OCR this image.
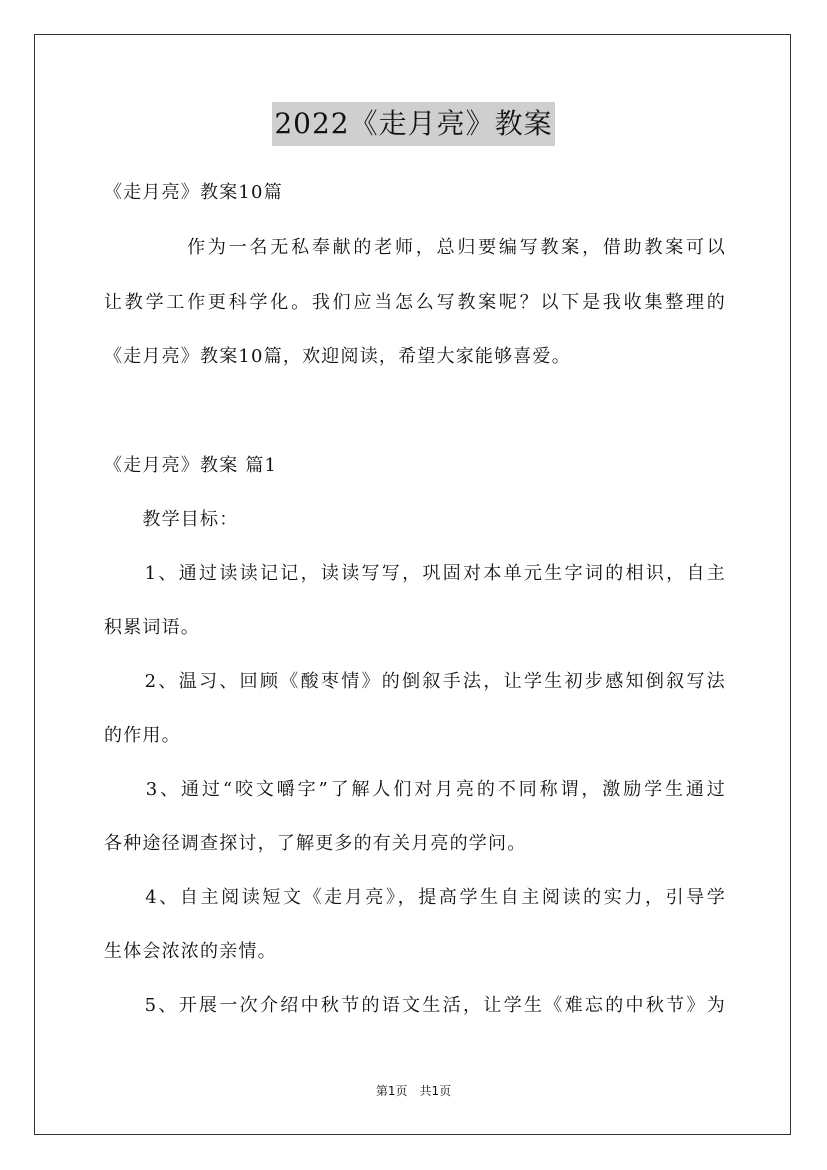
2022《走月亮》教案
《走月亮》教案10篇
　　　　作为一名无私奉献的老师，总归要编写教案，借助教案可以
让教学工作更科学化。我们应当怎么写教案呢？以下是我收集整理的
《走月亮》教案10篇，欢迎阅读，希望大家能够喜爱。
《走月亮》教案 篇1
　　教学目标：
　　1、通过读读记记，读读写写，巩固对本单元生字词的相识，自主
积累词语。
　　2、温习、回顾《酸枣情》的倒叙手法，让学生初步感知倒叙写法
的作用。
　　3、通过“咬文嚼字”了解人们对月亮的不同称谓，激励学生通过
各种途径调查探讨，了解更多的有关月亮的学问。
　　4、自主阅读短文《走月亮》，提高学生自主阅读的实力，引导学
生体会浓浓的亲情。
　　5、开展一次介绍中秋节的语文生活，让学生《难忘的中秋节》为
第1页　共1页
